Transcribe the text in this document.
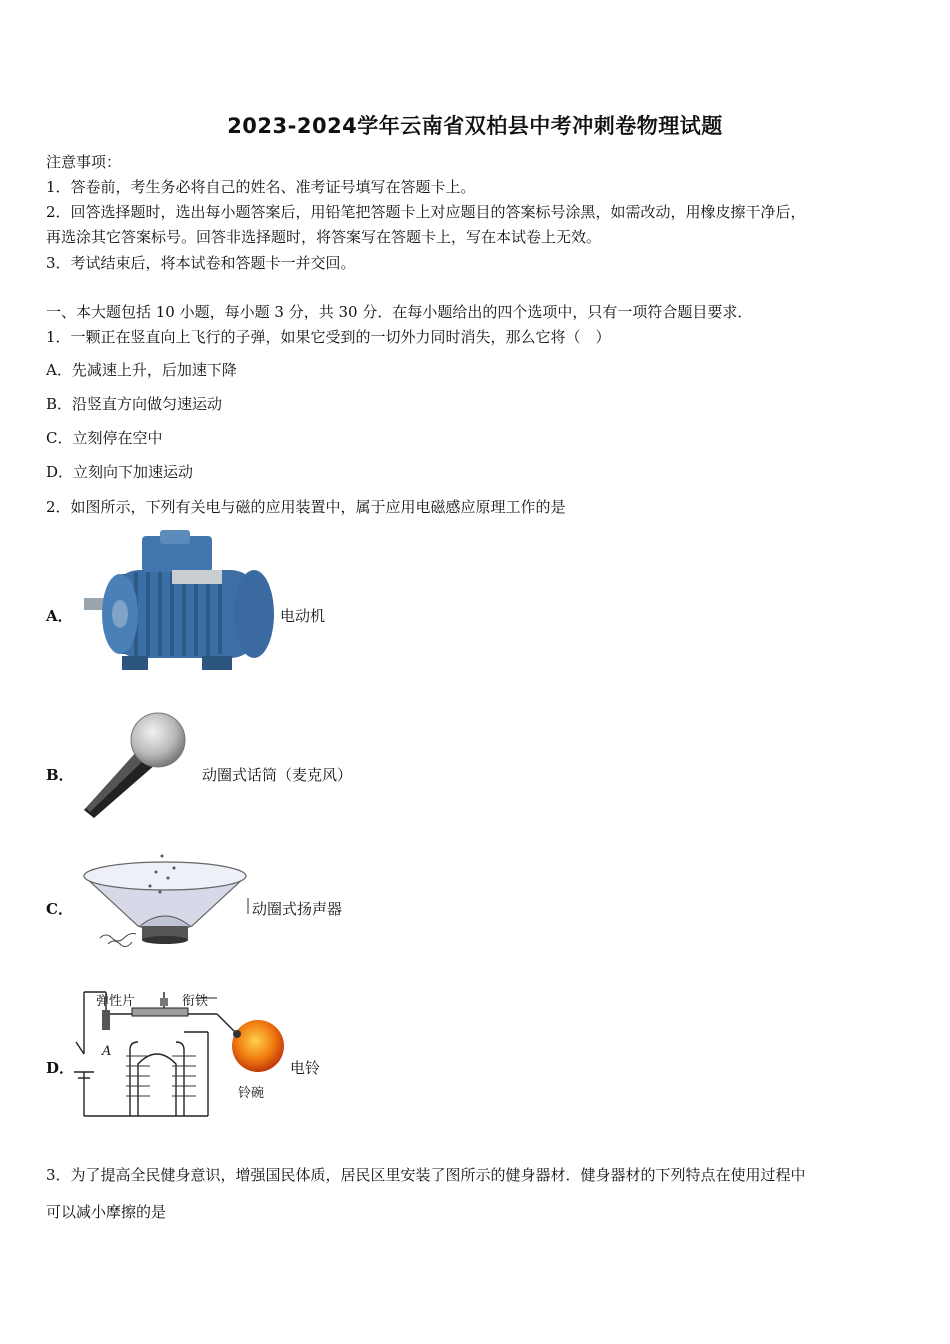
2023-2024学年云南省双柏县中考冲刺卷物理试题
注意事项：
1．答卷前，考生务必将自己的姓名、准考证号填写在答题卡上。
2．回答选择题时，选出每小题答案后，用铅笔把答题卡上对应题目的答案标号涂黑，如需改动，用橡皮擦干净后，
再选涂其它答案标号。回答非选择题时，将答案写在答题卡上，写在本试卷上无效。
3．考试结束后，将本试卷和答题卡一并交回。
一、本大题包括 10 小题，每小题 3 分，共 30 分．在每小题给出的四个选项中，只有一项符合题目要求．
1．一颗正在竖直向上飞行的子弹，如果它受到的一切外力同时消失，那么它将（　）
A．先减速上升，后加速下降
B．沿竖直方向做匀速运动
C．立刻停在空中
D．立刻向下加速运动
2．如图所示，下列有关电与磁的应用装置中，属于应用电磁感应原理工作的是
A．	电动机
B．	动圈式话筒（麦克风）
C．	动圈式扬声器
D．
弹性片	衔铁
A
铃碗
电铃
3．为了提高全民健身意识，增强国民体质，居民区里安装了图所示的健身器材．健身器材的下列特点在使用过程中
可以减小摩擦的是
